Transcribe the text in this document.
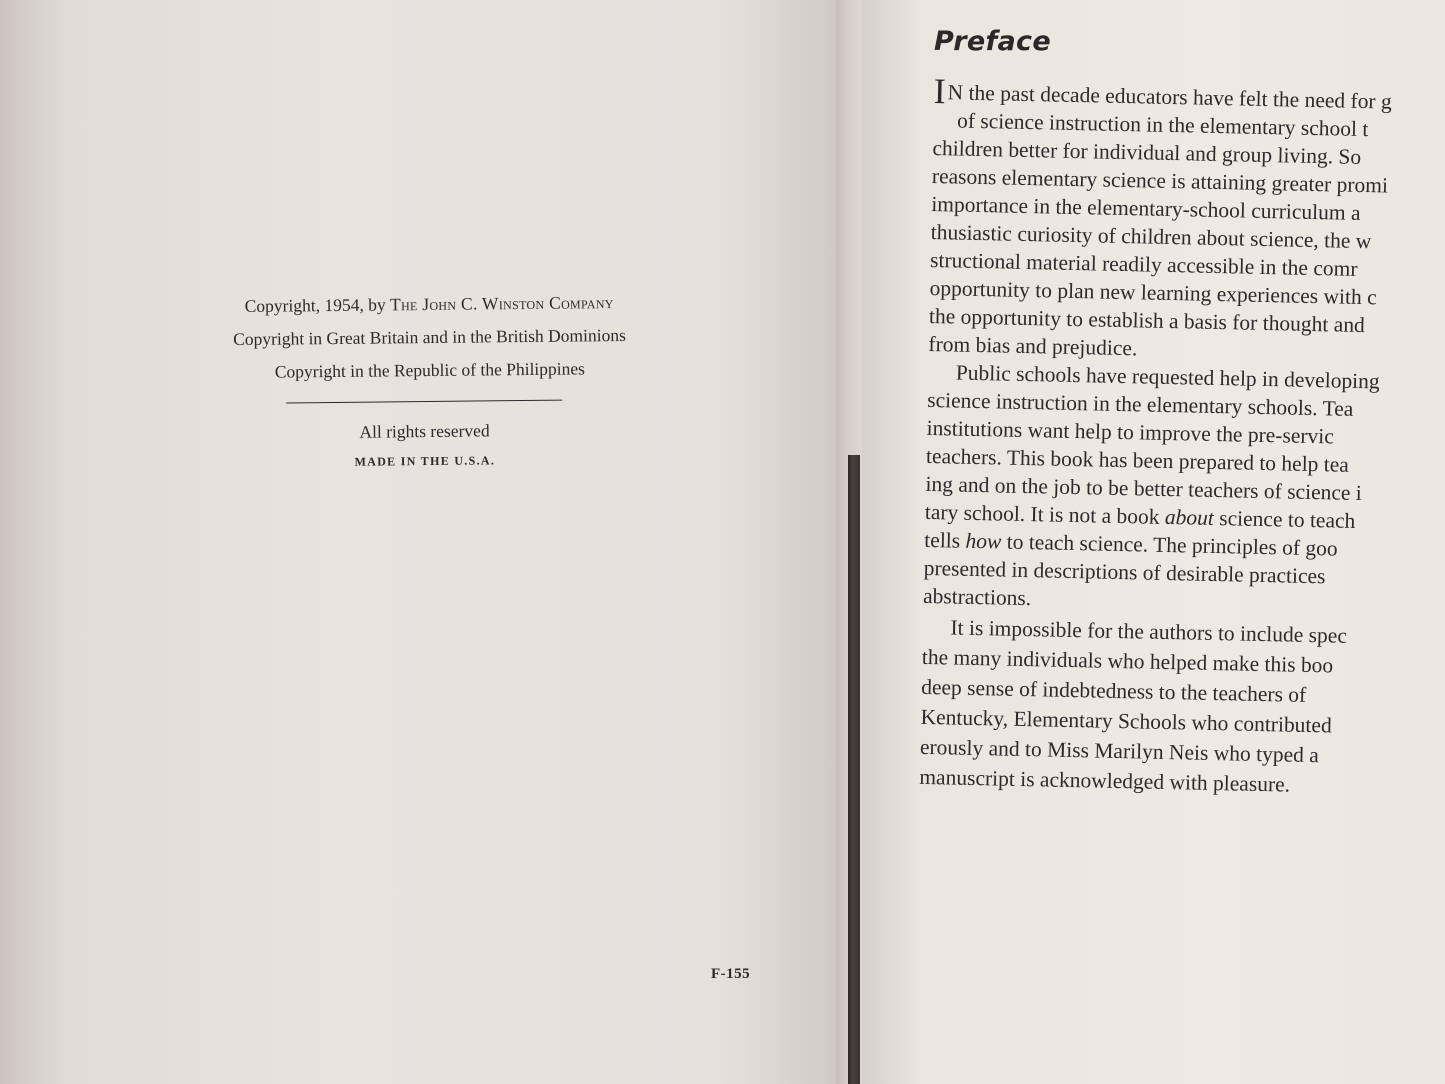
Copyright, 1954, by The John C. Winston Company
Copyright in Great Britain and in the British Dominions
Copyright in the Republic of the Philippines
All rights reserved
MADE IN THE U.S.A.
F-155
Preface
IN the past decade educators have felt the need for g
of science instruction in the elementary school t
children better for individual and group living. So
reasons elementary science is attaining greater promi
importance in the elementary-school curriculum a
thusiastic curiosity of children about science, the w
structional material readily accessible in the comr
opportunity to plan new learning experiences with c
the opportunity to establish a basis for thought and
from bias and prejudice.
Public schools have requested help in developing
science instruction in the elementary schools. Tea
institutions want help to improve the pre-servic
teachers. This book has been prepared to help tea
ing and on the job to be better teachers of science i
tary school. It is not a book about science to teach
tells how to teach science. The principles of goo
presented in descriptions of desirable practices
abstractions.
It is impossible for the authors to include spec
the many individuals who helped make this boo
deep sense of indebtedness to the teachers of
Kentucky, Elementary Schools who contributed
erously and to Miss Marilyn Neis who typed a
manuscript is acknowledged with pleasure.
